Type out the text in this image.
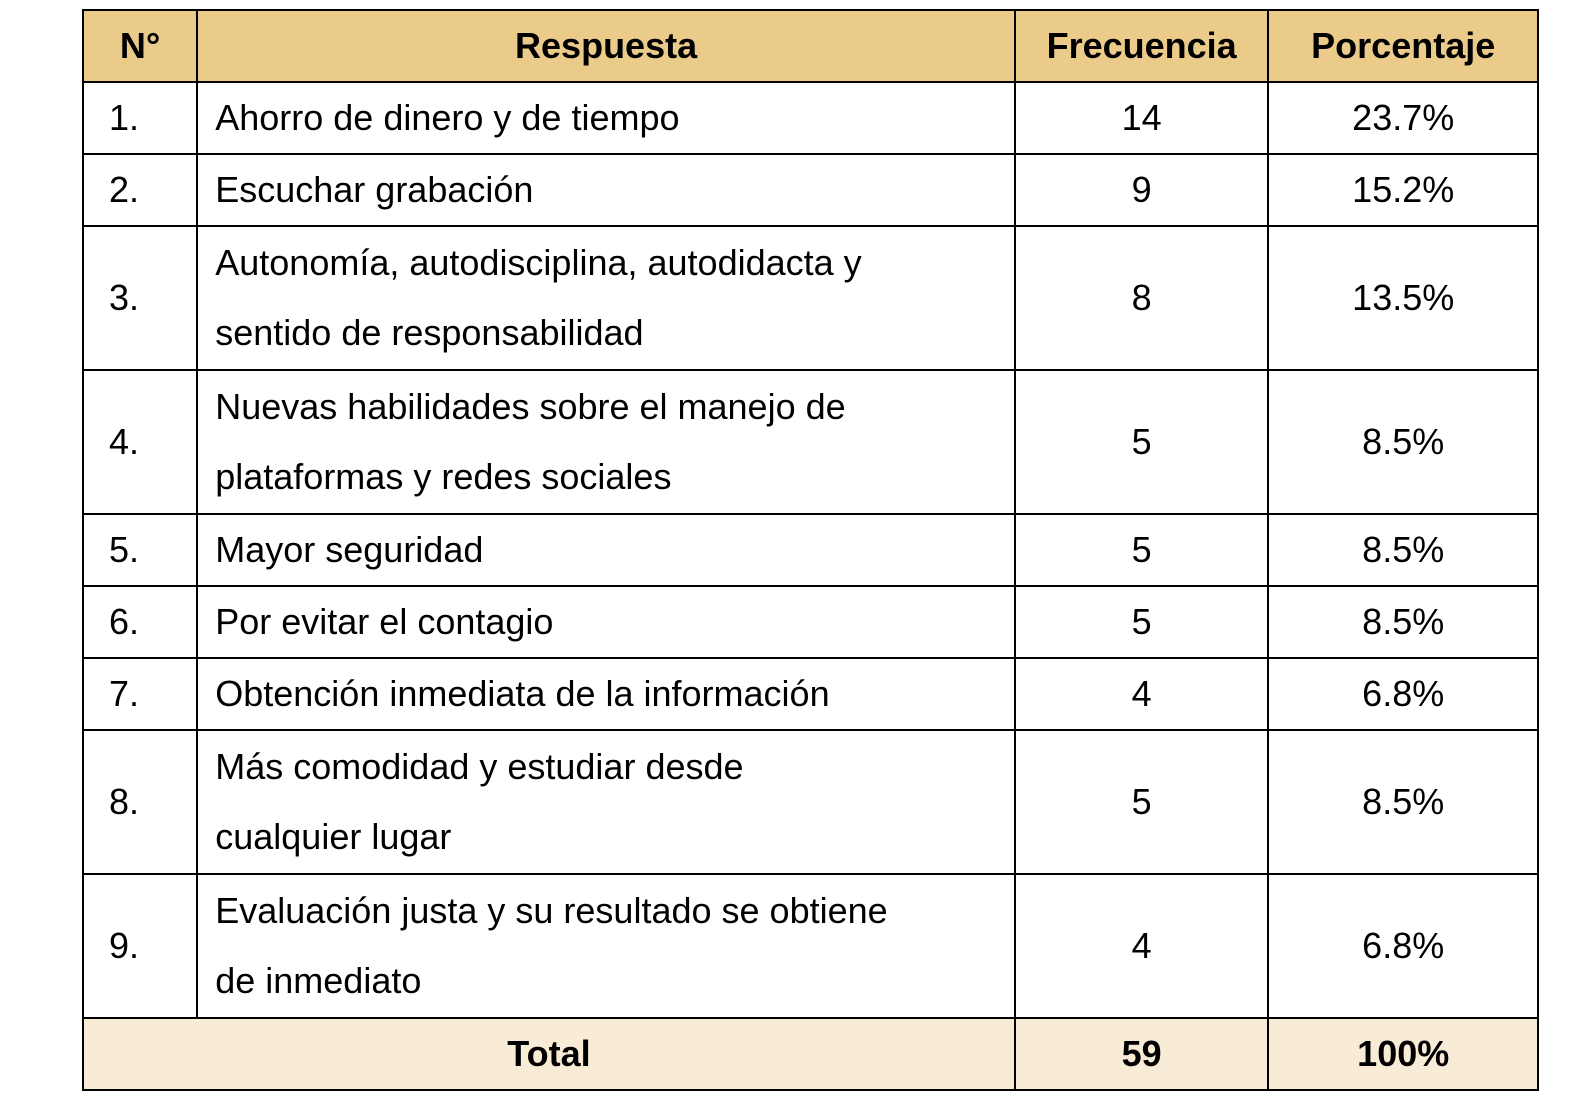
N°	Respuesta	Frecuencia	Porcentaje
1.	Ahorro de dinero y de tiempo	14	23.7%
2.	Escuchar grabación	9	15.2%
3.	Autonomía, autodisciplina, autodidacta y
sentido de responsabilidad	8	13.5%
4.	Nuevas habilidades sobre el manejo de
plataformas y redes sociales	5	8.5%
5.	Mayor seguridad	5	8.5%
6.	Por evitar el contagio	5	8.5%
7.	Obtención inmediata de la información	4	6.8%
8.	Más comodidad y estudiar desde
cualquier lugar	5	8.5%
9.	Evaluación justa y su resultado se obtiene
de inmediato	4	6.8%
Total		59	100%
